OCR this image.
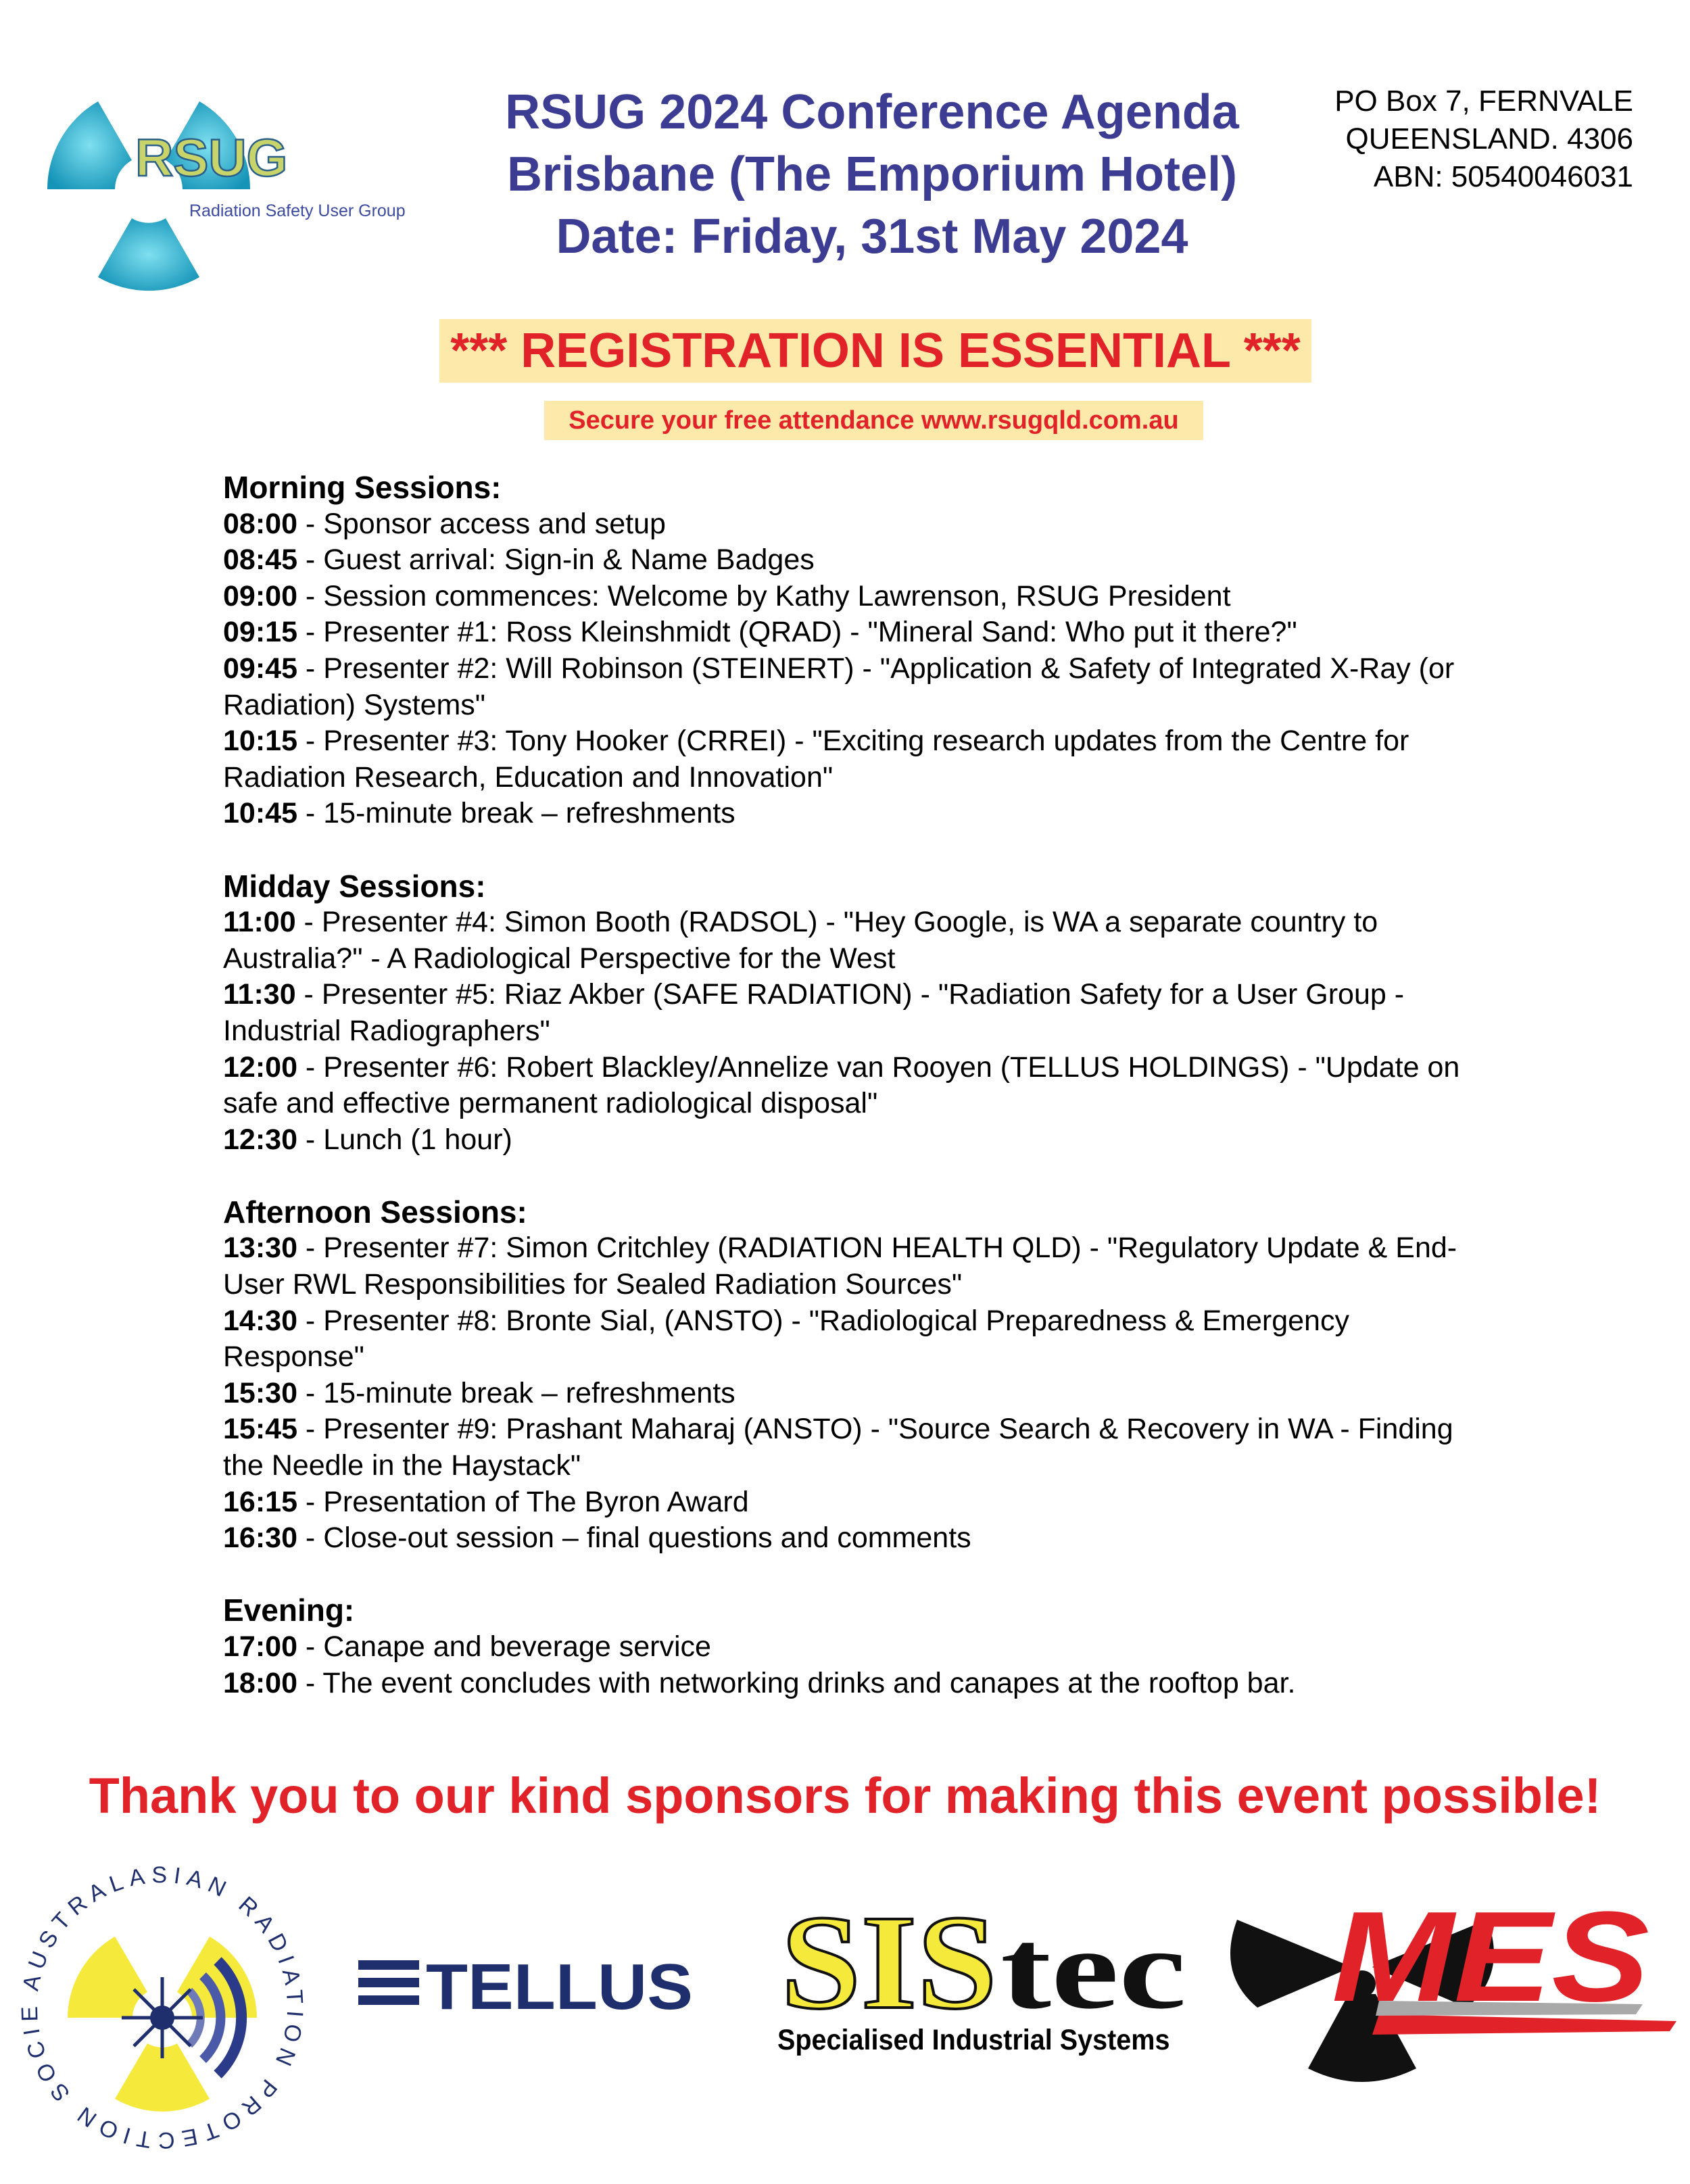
RSUG
Radiation Safety User Group
RSUG 2024 Conference Agenda
Brisbane (The Emporium Hotel)
Date: Friday, 31st May 2024
PO Box 7, FERNVALE
QUEENSLAND. 4306
ABN: 50540046031
*** REGISTRATION IS ESSENTIAL ***
Secure your free attendance www.rsugqld.com.au
Morning Sessions:
08:00 - Sponsor access and setup
08:45 - Guest arrival: Sign-in & Name Badges
09:00 - Session commences: Welcome by Kathy Lawrenson, RSUG President
09:15 - Presenter #1: Ross Kleinshmidt (QRAD) - "Mineral Sand: Who put it there?"
09:45 - Presenter #2: Will Robinson (STEINERT) - "Application & Safety of Integrated X-Ray (or Radiation) Systems"
10:15 - Presenter #3: Tony Hooker (CRREI) - "Exciting research updates from the Centre for Radiation Research, Education and Innovation"
10:45 - 15-minute break – refreshments
Midday Sessions:
11:00 - Presenter #4: Simon Booth (RADSOL) - "Hey Google, is WA a separate country to Australia?" - A Radiological Perspective for the West
11:30 - Presenter #5: Riaz Akber (SAFE RADIATION) - "Radiation Safety for a User Group - Industrial Radiographers"
12:00 - Presenter #6: Robert Blackley/Annelize van Rooyen (TELLUS HOLDINGS) - "Update on safe and effective permanent radiological disposal"
12:30 - Lunch (1 hour)
Afternoon Sessions:
13:30 - Presenter #7: Simon Critchley (RADIATION HEALTH QLD) - "Regulatory Update & End-User RWL Responsibilities for Sealed Radiation Sources"
14:30 - Presenter #8: Bronte Sial, (ANSTO) - "Radiological Preparedness & Emergency Response"
15:30 - 15-minute break – refreshments
15:45 - Presenter #9: Prashant Maharaj (ANSTO) - "Source Search & Recovery in WA - Finding the Needle in the Haystack"
16:15 - Presentation of The Byron Award
16:30 - Close-out session – final questions and comments
Evening:
17:00 - Canape and beverage service
18:00 - The event concludes with networking drinks and canapes at the rooftop bar.
Thank you to our kind sponsors for making this event possible!
AUSTRALASIAN RADIA ON PROTECTION SOCI
TELLUS SIS tec
Specialised Industrial Systems
MES
